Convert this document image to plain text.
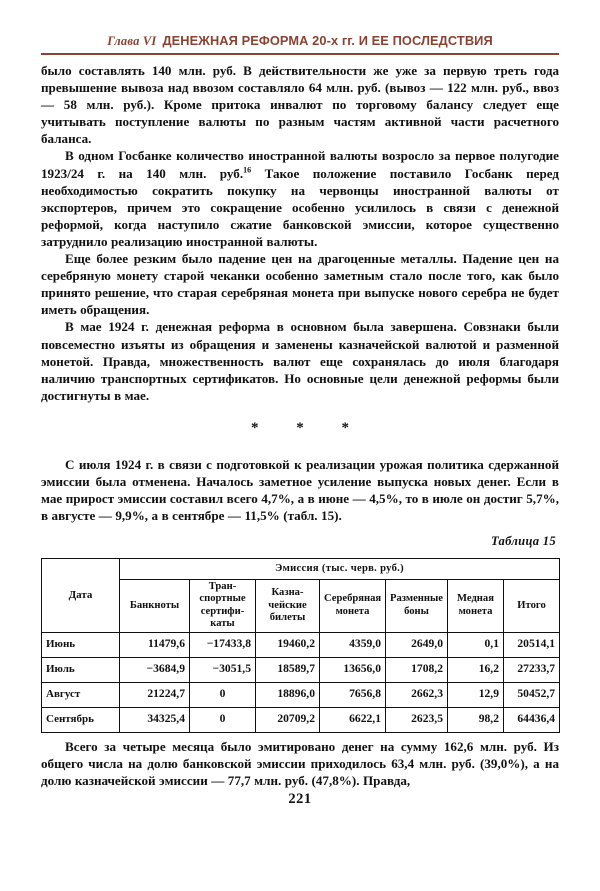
Глава VI ДЕНЕЖНАЯ РЕФОРМА 20-х гг. И ЕЕ ПОСЛЕДСТВИЯ

было составлять 140 млн. руб. В действительности же уже за первую треть года превышение вывоза над ввозом составляло 64 млн. руб. (вывоз — 122 млн. руб., ввоз — 58 млн. руб.). Кроме притока инвалют по торговому балансу следует еще учитывать поступление валюты по разным частям активной части расчетного баланса.

В одном Госбанке количество иностранной валюты возросло за первое полугодие 1923/24 г. на 140 млн. руб.$^{16}$ Такое положение поставило Госбанк перед необходимостью сократить покупку на червонцы иностранной валюты от экспортеров, причем это сокращение особенно усилилось в связи с денежной реформой, когда наступило сжатие банковской эмиссии, которое существенно затруднило реализацию иностранной валюты.

Еще более резким было падение цен на драгоценные металлы. Падение цен на серебряную монету старой чеканки особенно заметным стало после того, как было принято решение, что старая серебряная монета при выпуске нового серебра не будет иметь обращения.

В мае 1924 г. денежная реформа в основном была завершена. Совзнаки были повсеместно изъяты из обращения и заменены казначейской валютой и разменной монетой. Правда, множественность валют еще сохранялась до июля благодаря наличию транспортных сертификатов. Но основные цели денежной реформы были достигнуты в мае.

* * *

С июля 1924 г. в связи с подготовкой к реализации урожая политика сдержанной эмиссии была отменена. Началось заметное усиление выпуска новых денег. Если в мае прирост эмиссии составил всего 4,7%, а в июне — 4,5%, то в июле он достиг 5,7%, в августе — 9,9%, а в сентябре — 11,5% (табл. 15).

Таблица 15
Дата	Эмиссия (тыс. черв. руб.)						
	Банкноты	Тран-
спортные
сертифи-
каты	Казна-
чейские
билеты	Серебряная
монета	Разменные
боны	Медная
монета	Итого
Июнь	11479,6	−17433,8	19460,2	4359,0	2649,0	0,1	20514,1
Июль	−3684,9	−3051,5	18589,7	13656,0	1708,2	16,2	27233,7
Август	21224,7	0	18896,0	7656,8	2662,3	12,9	50452,7
Сентябрь	34325,4	0	20709,2	6622,1	2623,5	98,2	64436,4

Всего за четыре месяца было эмитировано денег на сумму 162,6 млн. руб. Из общего числа на долю банковской эмиссии приходилось 63,4 млн. руб. (39,0%), а на долю казначейской эмиссии — 77,7 млн. руб. (47,8%). Правда,

221
